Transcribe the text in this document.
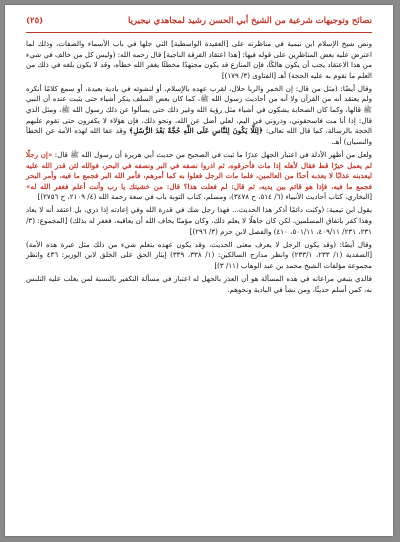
نصائح وتوجيهات شرعية من الشيخ أبي الحسن رشيد لمجاهدي نيجيريا
(٢٥)

ونص شيخ الإسلام ابن تيمية في مناظرته على [العقيدة الواسطية] التي جلها في باب الأسماء والصفات، وذلك لما اعترض عليه بعض المناظرين على قوله فيها: [هذا اعتقاد الفرقة الناجية] قال رحمه الله: (وليس كل من خالف في شيء من هذا الاعتقاد يجب أن يكون هالكًا، فإن المنازع قد يكون مجتهدًا مخطئًا يغفر الله خطأه، وقد لا يكون بلغه في ذلك من العلم ما تقوم به عليه الحجة) أهـ [الفتاوى (٣/ ١٧٩)]

وقال أيضًا: (مثل من قال: إن الخمر والربا حلال، لقرب عهده بالإسلام، أو لنشوئه في بادية بعيدة، أو سمع كلامًا أنكره ولم يعتقد أنه من القرآن ولا أنه من أحاديث رسول الله ﷺ، كما كان بعض السلف ينكر أشياء حتى يثبت عنده أن النبي ﷺ قالها، وكما كان الصحابة يشكون في أشياء مثل رؤية الله وغير ذلك حتى يسألوا عن ذلك رسول الله ﷺ، ومثل الذي قال: إذا أنا مت فاسحقوني، وذروني في اليم، لعلي أضل عن الله، ونحو ذلك، فإن هؤلاء لا يكفرون حتى تقوم عليهم الحجة بالرسالة، كما قال الله تعالى: ﴿لِئَلَّا يَكُونَ لِلنَّاسِ عَلَى اللَّهِ حُجَّةٌ بَعْدَ الرُّسُلِ﴾ وقد عفا الله لهذه الأمة عن الخطأ والنسيان) أهـ.

ولعل من أظهر الأدلة في اعتبار الجهل عذرًا ما ثبت في الصحيح من حديث أبي هريرة أن رسول الله ﷺ قال: «إن رجلًا لم يعمل خيرًا قط فقال لأهله إذا مات فأحرقوه، ثم اذروا نصفه في البر ونصفه في البحر، فوالله لئن قدر الله عليه ليعذبنه عذابًا لا يعذبه أحدًا من العالمين، فلما مات الرجل فعلوا به كما أمرهم، فأمر الله البر فجمع ما فيه، وأمر البحر فجمع ما فيه، فإذا هو قائم بين يديه، ثم قال: لم فعلت هذا؟ قال: من خشيتك يا رب وأنت أعلم فغفر الله له» [البخاري، كتاب أحاديث الأنبياء (٦/ ٥١٤، ح ٣٤٧٨)، ومسلم، كتاب التوبة باب في سعة رحمة الله (٤/ ٢١٠٩، ح ٢٧٥٦)]

يقول ابن تيمية: (وكنت دائمًا أذكر هذا الحديث... فهذا رجل شك في قدرة الله وفي إعادته إذا ذري، بل اعتقد أنه لا يعاد وهذا كفر باتفاق المسلمين، لكن كان جاهلًا لا يعلم ذلك، وكان مؤمنًا يخاف الله أن يعاقبه، فغفر له بذلك) [المجموع: (٣/ ٢٣١، ٢٣١/ ٤٠٩/١١، ٥٠١/١١، ٤١٠) والفصل لابن حزم (٣/ ٢٩٦)]

وقال أيضًا: (وقد يكون الرجل لا يعرف معنى الحديث، وقد يكون عهده بتعلم شيء من ذلك مثل عبرة هذه الأمة) [الصفدية (١/ ٢٣٣، ٢٣٣/١) وانظر مدارج السالكين: (١/ ٣٣٨، ٣٣٩) إيثار الحق على الخلق لابن الوزير: ٤٣٦ وانظر مجموعة مؤلفات الشيخ محمد بن عبد الوهاب (١١/ ٣)]

فالذي ينبغي مراعاته في هذه المسألة هو أن العذر بالجهل له اعتبار في مسألة التكفير بالنسبة لمن يغلب عليه التلبس به، كمن أسلم حديثًا، ومن نشأ في البادية ونحوهم.
